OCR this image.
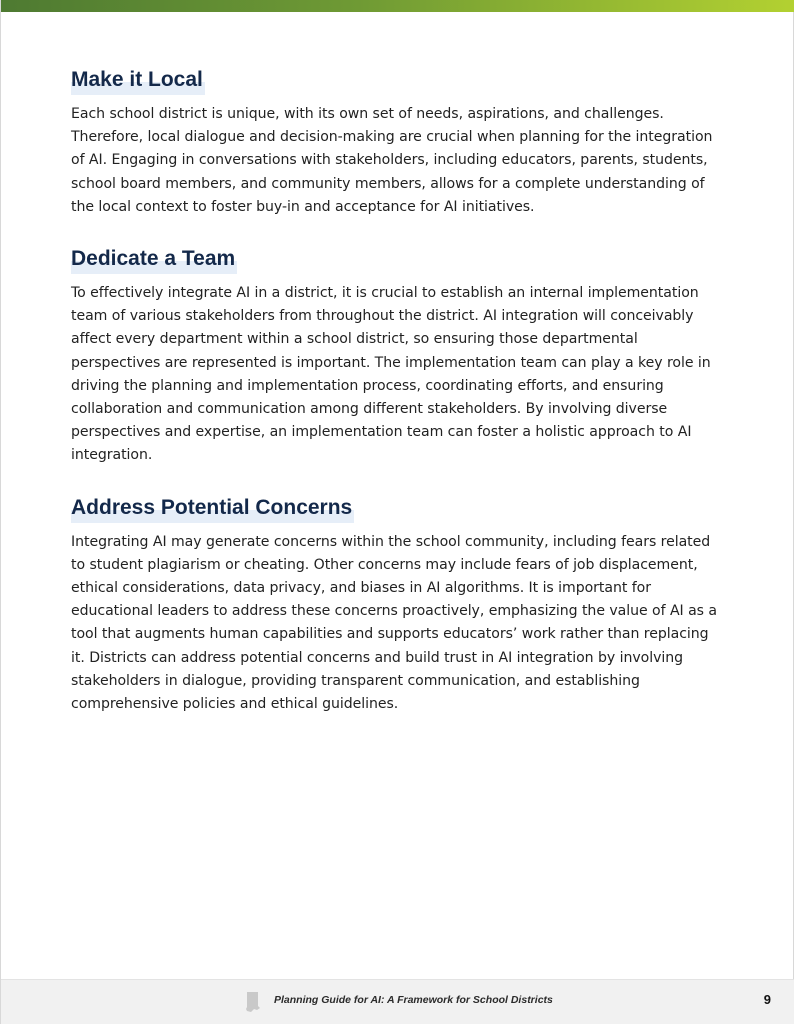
Make it Local

Each school district is unique, with its own set of needs, aspirations, and challenges. Therefore, local dialogue and decision-making are crucial when planning for the integration of AI. Engaging in conversations with stakeholders, including educators, parents, students, school board members, and community members, allows for a complete understanding of the local context to foster buy-in and acceptance for AI initiatives.

Dedicate a Team

To effectively integrate AI in a district, it is crucial to establish an internal implementation team of various stakeholders from throughout the district. AI integration will conceivably affect every department within a school district, so ensuring those departmental perspectives are represented is important. The implementation team can play a key role in driving the planning and implementation process, coordinating efforts, and ensuring collaboration and communication among different stakeholders. By involving diverse perspectives and expertise, an implementation team can foster a holistic approach to AI integration.

Address Potential Concerns

Integrating AI may generate concerns within the school community, including fears related to student plagiarism or cheating. Other concerns may include fears of job displacement, ethical considerations, data privacy, and biases in AI algorithms. It is important for educational leaders to address these concerns proactively, emphasizing the value of AI as a tool that augments human capabilities and supports educators’ work rather than replacing it. Districts can address potential concerns and build trust in AI integration by involving stakeholders in dialogue, providing transparent communication, and establishing comprehensive policies and ethical guidelines.

Planning Guide for AI: A Framework for School Districts	9
